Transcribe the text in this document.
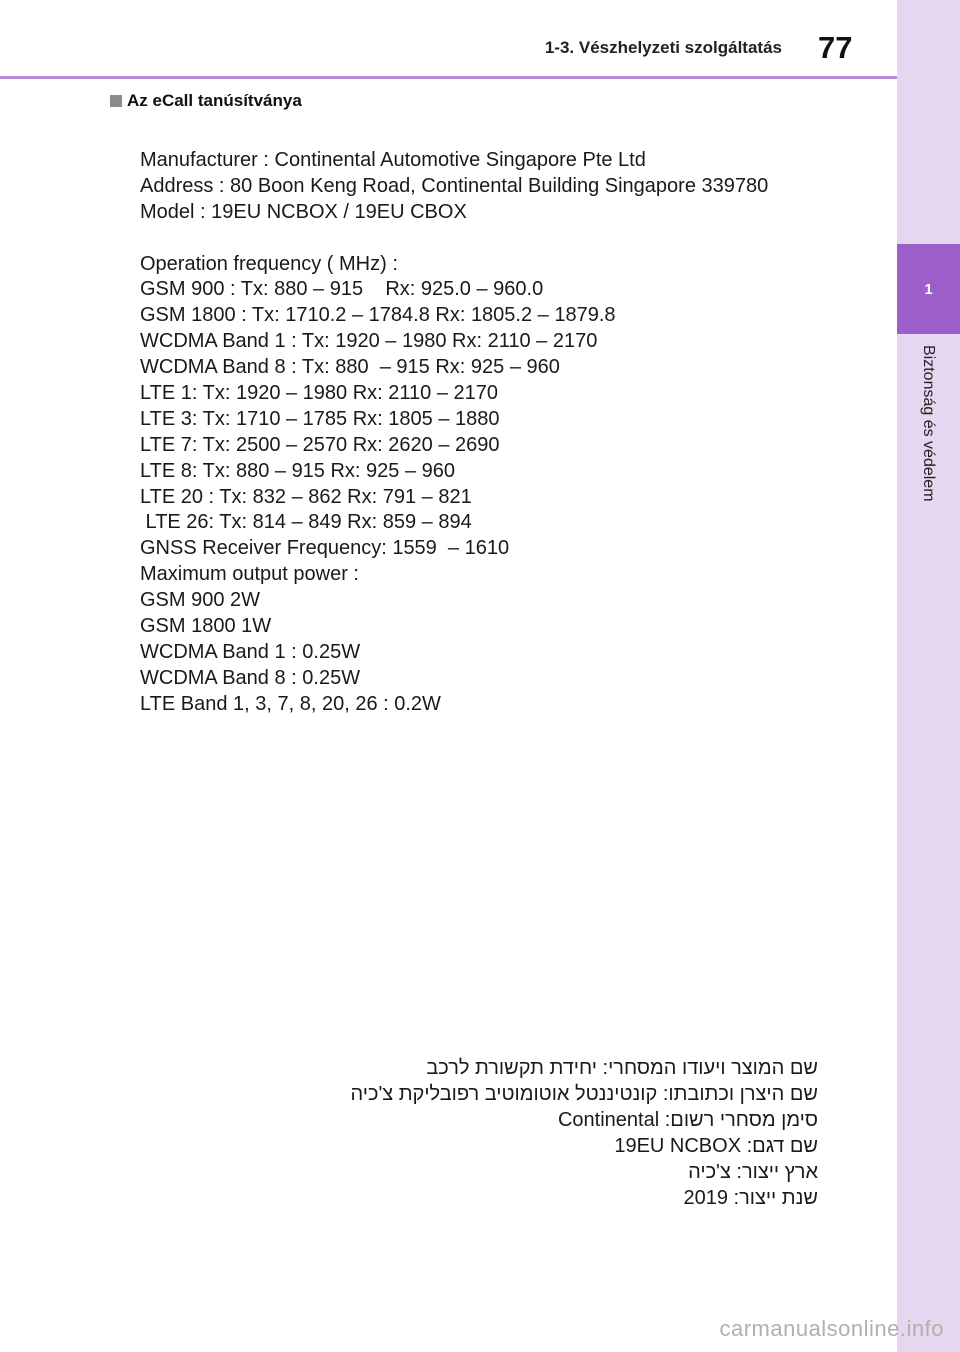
1-3. Vészhelyzeti szolgáltatás 77
1
Biztonság és védelem
Az eCall tanúsítványa
Manufacturer : Continental Automotive Singapore Pte Ltd
Address : 80 Boon Keng Road, Continental Building Singapore 339780
Model : 19EU NCBOX / 19EU CBOX
Operation frequency ( MHz) :
GSM 900 : Tx: 880 – 915    Rx: 925.0 – 960.0
GSM 1800 : Tx: 1710.2 – 1784.8 Rx: 1805.2 – 1879.8
WCDMA Band 1 : Tx: 1920 – 1980 Rx: 2110 – 2170
WCDMA Band 8 : Tx: 880  – 915 Rx: 925 – 960
LTE 1: Tx: 1920 – 1980 Rx: 2110 – 2170
LTE 3: Tx: 1710 – 1785 Rx: 1805 – 1880
LTE 7: Tx: 2500 – 2570 Rx: 2620 – 2690
LTE 8: Tx: 880 – 915 Rx: 925 – 960
LTE 20 : Tx: 832 – 862 Rx: 791 – 821
LTE 26: Tx: 814 – 849 Rx: 859 – 894
GNSS Receiver Frequency: 1559  – 1610
Maximum output power :
GSM 900 2W
GSM 1800 1W
WCDMA Band 1 : 0.25W
WCDMA Band 8 : 0.25W
LTE Band 1, 3, 7, 8, 20, 26 : 0.2W
שם המוצר ויעודו המסחרי: יחידת תקשורת לרכב
שם היצרן וכתובתו: קונטיננטל אוטומוטיב רפובליקת צ'כיה
סימן מסחרי רשום: Continental
שם דגם: 19EU NCBOX
ארץ ייצור: צ'כיה
שנת ייצור: 2019
carmanualsonline.info
